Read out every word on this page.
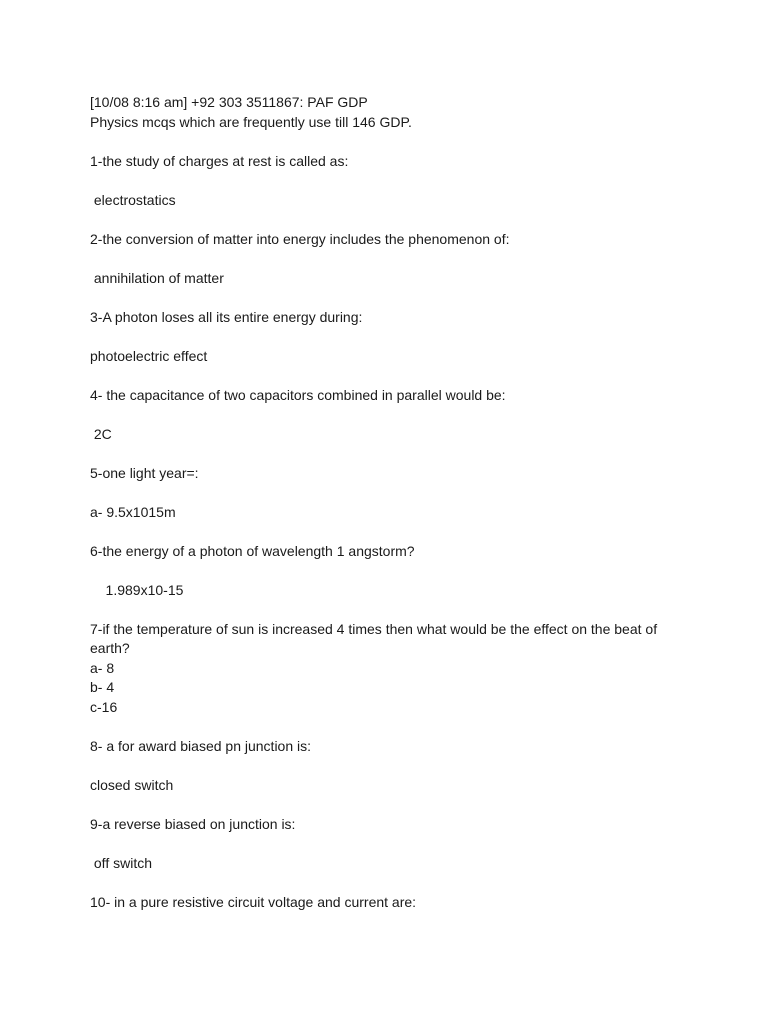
[10/08 8:16 am] +92 303 3511867: PAF GDP
Physics mcqs which are frequently use till 146 GDP.
1-the study of charges at rest is called as:
electrostatics
2-the conversion of matter into energy includes the phenomenon of:
annihilation of matter
3-A photon loses all its entire energy during:
photoelectric effect
4- the capacitance of two capacitors combined in parallel would be:
2C
5-one light year=:
a- 9.5x1015m
6-the energy of a photon of wavelength 1 angstorm?
1.989x10-15
7-if the temperature of sun is increased 4 times then what would be the effect on the beat of earth?
a- 8
b- 4
c-16
8- a for award biased pn junction is:
closed switch
9-a reverse biased on junction is:
off switch
10- in a pure resistive circuit voltage and current are:
